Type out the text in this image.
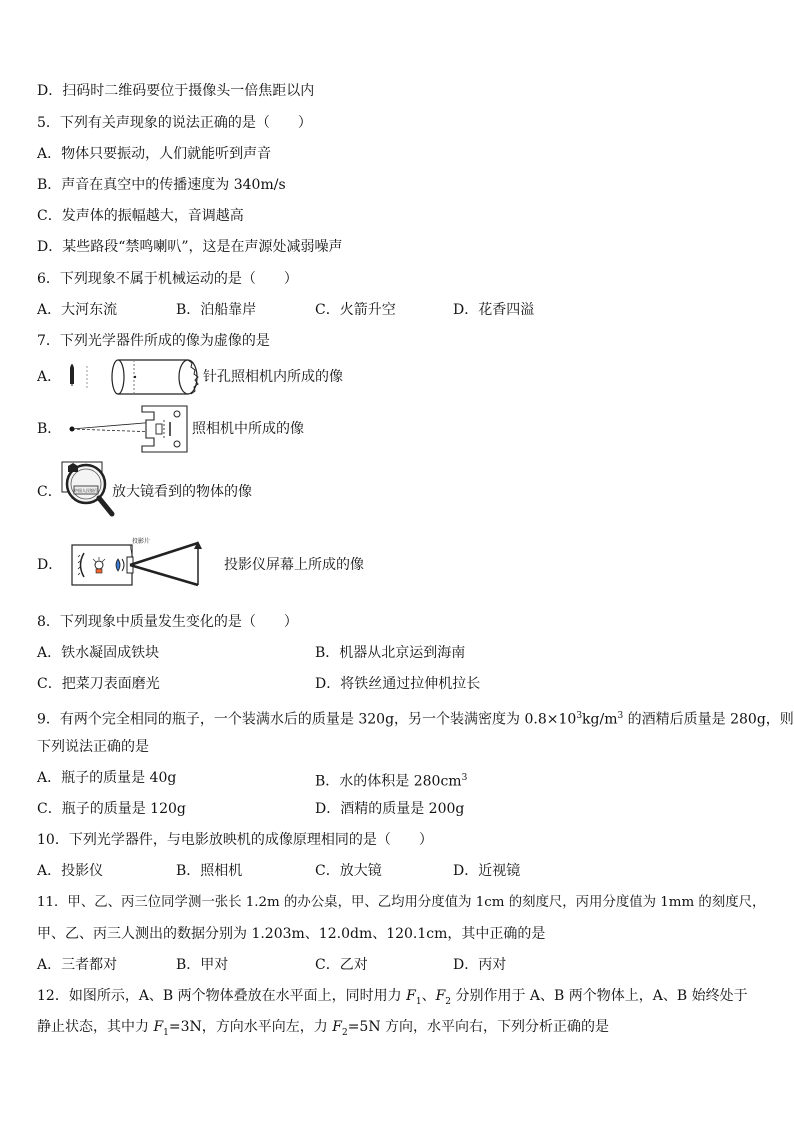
D．扫码时二维码要位于摄像头一倍焦距以内
5．下列有关声现象的说法正确的是（　　）
A．物体只要振动，人们就能听到声音
B．声音在真空中的传播速度为 340m/s
C．发声体的振幅越大，音调越高
D．某些路段“禁鸣喇叭”，这是在声源处减弱噪声
6．下列现象不属于机械运动的是（　　）
A．大河东流	B．泊船靠岸	C．火箭升空	D．花香四溢
7．下列光学器件所成的像为虚像的是
A．	针孔照相机内所成的像
B．	照相机中所成的像
C．	中国人民银行 放大镜看到的物体的像
D．
投影片
投影仪屏幕上所成的像
8．下列现象中质量发生变化的是（　　）
A．铁水凝固成铁块	B．机器从北京运到海南
C．把菜刀表面磨光	D．将铁丝通过拉伸机拉长
9．有两个完全相同的瓶子，一个装满水后的质量是 320g，另一个装满密度为 $0.8\times 10^3kg/m^3$ 的酒精后质量是 280g，则
下列说法正确的是
A．瓶子的质量是 40g	B．水的体积是 $280cm^3$
C．瓶子的质量是 120g	D．酒精的质量是 200g
10．下列光学器件，与电影放映机的成像原理相同的是（　　）
A．投影仪	B．照相机	C．放大镜	D．近视镜
11．甲、乙、丙三位同学测一张长 1.2m 的办公桌，甲、乙均用分度值为 1cm 的刻度尺，丙用分度值为 1mm 的刻度尺，
甲、乙、丙三人测出的数据分别为 1.203m、12.0dm、120.1cm，其中正确的是
A．三者都对	B．甲对	C．乙对	D．丙对
12．如图所示，A、B 两个物体叠放在水平面上，同时用力 $F_1$、$F_2$ 分别作用于 A、B 两个物体上，A、B 始终处于
静止状态，其中力 $F_1=3N$，方向水平向左，力 $F_2=5N$ 方向，水平向右，下列分析正确的是
